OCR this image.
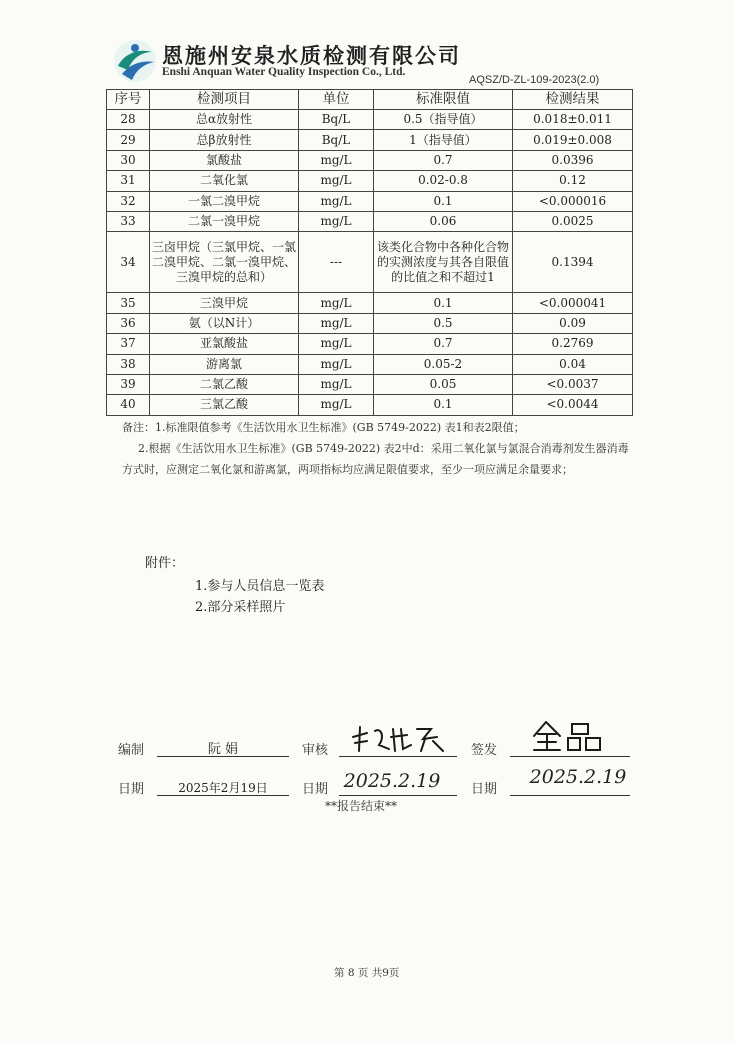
恩施州安泉水质检测有限公司
Enshi Anquan Water Quality Inspection Co., Ltd.
AQSZ/D-ZL-109-2023(2.0)
序号	检测项目	单位	标准限值	检测结果
28	总α放射性	Bq/L	0.5（指导值）	0.018±0.011
29	总β放射性	Bq/L	1（指导值）	0.019±0.008
30	氯酸盐	mg/L	0.7	0.0396
31	二氧化氯	mg/L	0.02-0.8	0.12
32	一氯二溴甲烷	mg/L	0.1	<0.000016
33	二氯一溴甲烷	mg/L	0.06	0.0025
34	三卤甲烷（三氯甲烷、一氯二溴甲烷、二氯一溴甲烷、三溴甲烷的总和）	---	该类化合物中各种化合物的实测浓度与其各自限值的比值之和不超过1	0.1394
35	三溴甲烷	mg/L	0.1	<0.000041
36	氨（以N计）	mg/L	0.5	0.09
37	亚氯酸盐	mg/L	0.7	0.2769
38	游离氯	mg/L	0.05-2	0.04
39	二氯乙酸	mg/L	0.05	<0.0037
40	三氯乙酸	mg/L	0.1	<0.0044

备注：1.标准限值参考《生活饮用水卫生标准》(GB 5749-2022) 表1和表2限值；

2.根据《生活饮用水卫生标准》(GB 5749-2022) 表2中d：采用二氧化氯与氯混合消毒剂发生器消毒方式时，应测定二氧化氯和游离氯，两项指标均应满足限值要求，至少一项应满足余量要求；

附件：
1.参与人员信息一览表
2.部分采样照片
编制	阮 娟	审核	签发
日期	2025年2月19日	日期 2025.2.19 日期
2025.2.19
**报告结束**
第 8 页 共9页
